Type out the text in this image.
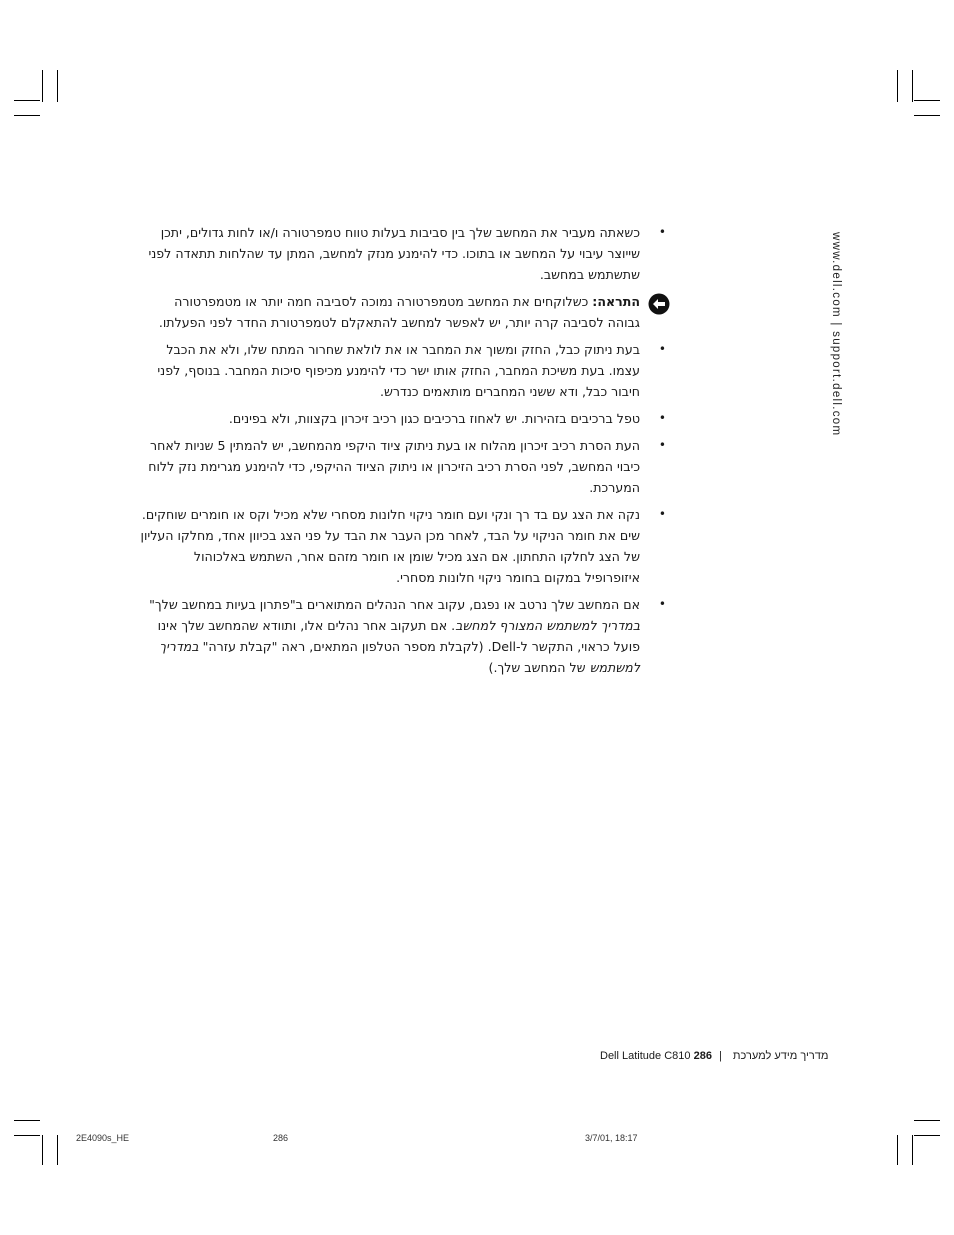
www.dell.com | support.dell.com
•
כשאתה מעביר את המחשב שלך בין סביבות בעלות טווח טמפרטורה ו/או לחות גדולים, יתכן שייוצר עיבוי על המחשב או בתוכו. כדי להימנע מנזק למחשב, המתן עד שהלחות תתאדה לפני שתשתמש במחשב.
התראה: כשלוקחים את המחשב מטמפרטורה נמוכה לסביבה חמה יותר או מטמפרטורה גבוהה לסביבה קרה יותר, יש לאפשר למחשב להתאקלם לטמפרטורת החדר לפני הפעלתו.
•
בעת ניתוק כבל, החזק ומשוך את המחבר או את לולאת שחרור המתח שלו, ולא את הכבל עצמו. בעת משיכת המחבר, החזק אותו ישר כדי להימנע מכיפוף סיכות המחבר. בנוסף, לפני חיבור כבל, ודא ששני המחברים מותאמים כנדרש.
•
טפל ברכיבים בזהירות. יש לאחוז ברכיבים כגון רכיב זיכרון בקצוות, ולא בפינים.
•
העת הסרת רכיב זיכרון מהלוח או בעת ניתוק ציוד היקפי מהמחשב, יש להמתין 5 שניות לאחר כיבוי המחשב, לפני הסרת רכיב הזיכרון או ניתוק הציוד ההיקפי, כדי להימנע מגרימת נזק ללוח המערכת.
•
נקה את הצג עם בד רך ונקי ועם חומר ניקוי חלונות מסחרי שלא מכיל וקס או חומרים שוחקים. שים את חומר הניקוי על הבד, לאחר מכן העבר את הבד על פני הצג בכיוון אחד, מחלקו העליון של הצג לחלקו התחתון. אם הצג מכיל שומן או חומר מזהם אחר, השתמש באלכוהול איזופרופיל במקום בחומר ניקוי חלונות מסחרי.
•
אם המחשב שלך נרטב או נפגם, עקוב אחר הנהלים המתוארים ב"פתרון בעיות במחשב שלך" במדריך למשתמש המצורף למחשב. אם תעקוב אחר נהלים אלו, ותוודא שהמחשב שלך אינו פועל כראוי, התקשר ל-Dell. (לקבלת מספר הטלפון המתאים, ראה "קבלת עזרה" במדריך למשתמש של המחשב שלך.)
Dell Latitude C810	מדריך מידע למערכת | 286
2E4090s_HE	286	3/7/01, 18:17
